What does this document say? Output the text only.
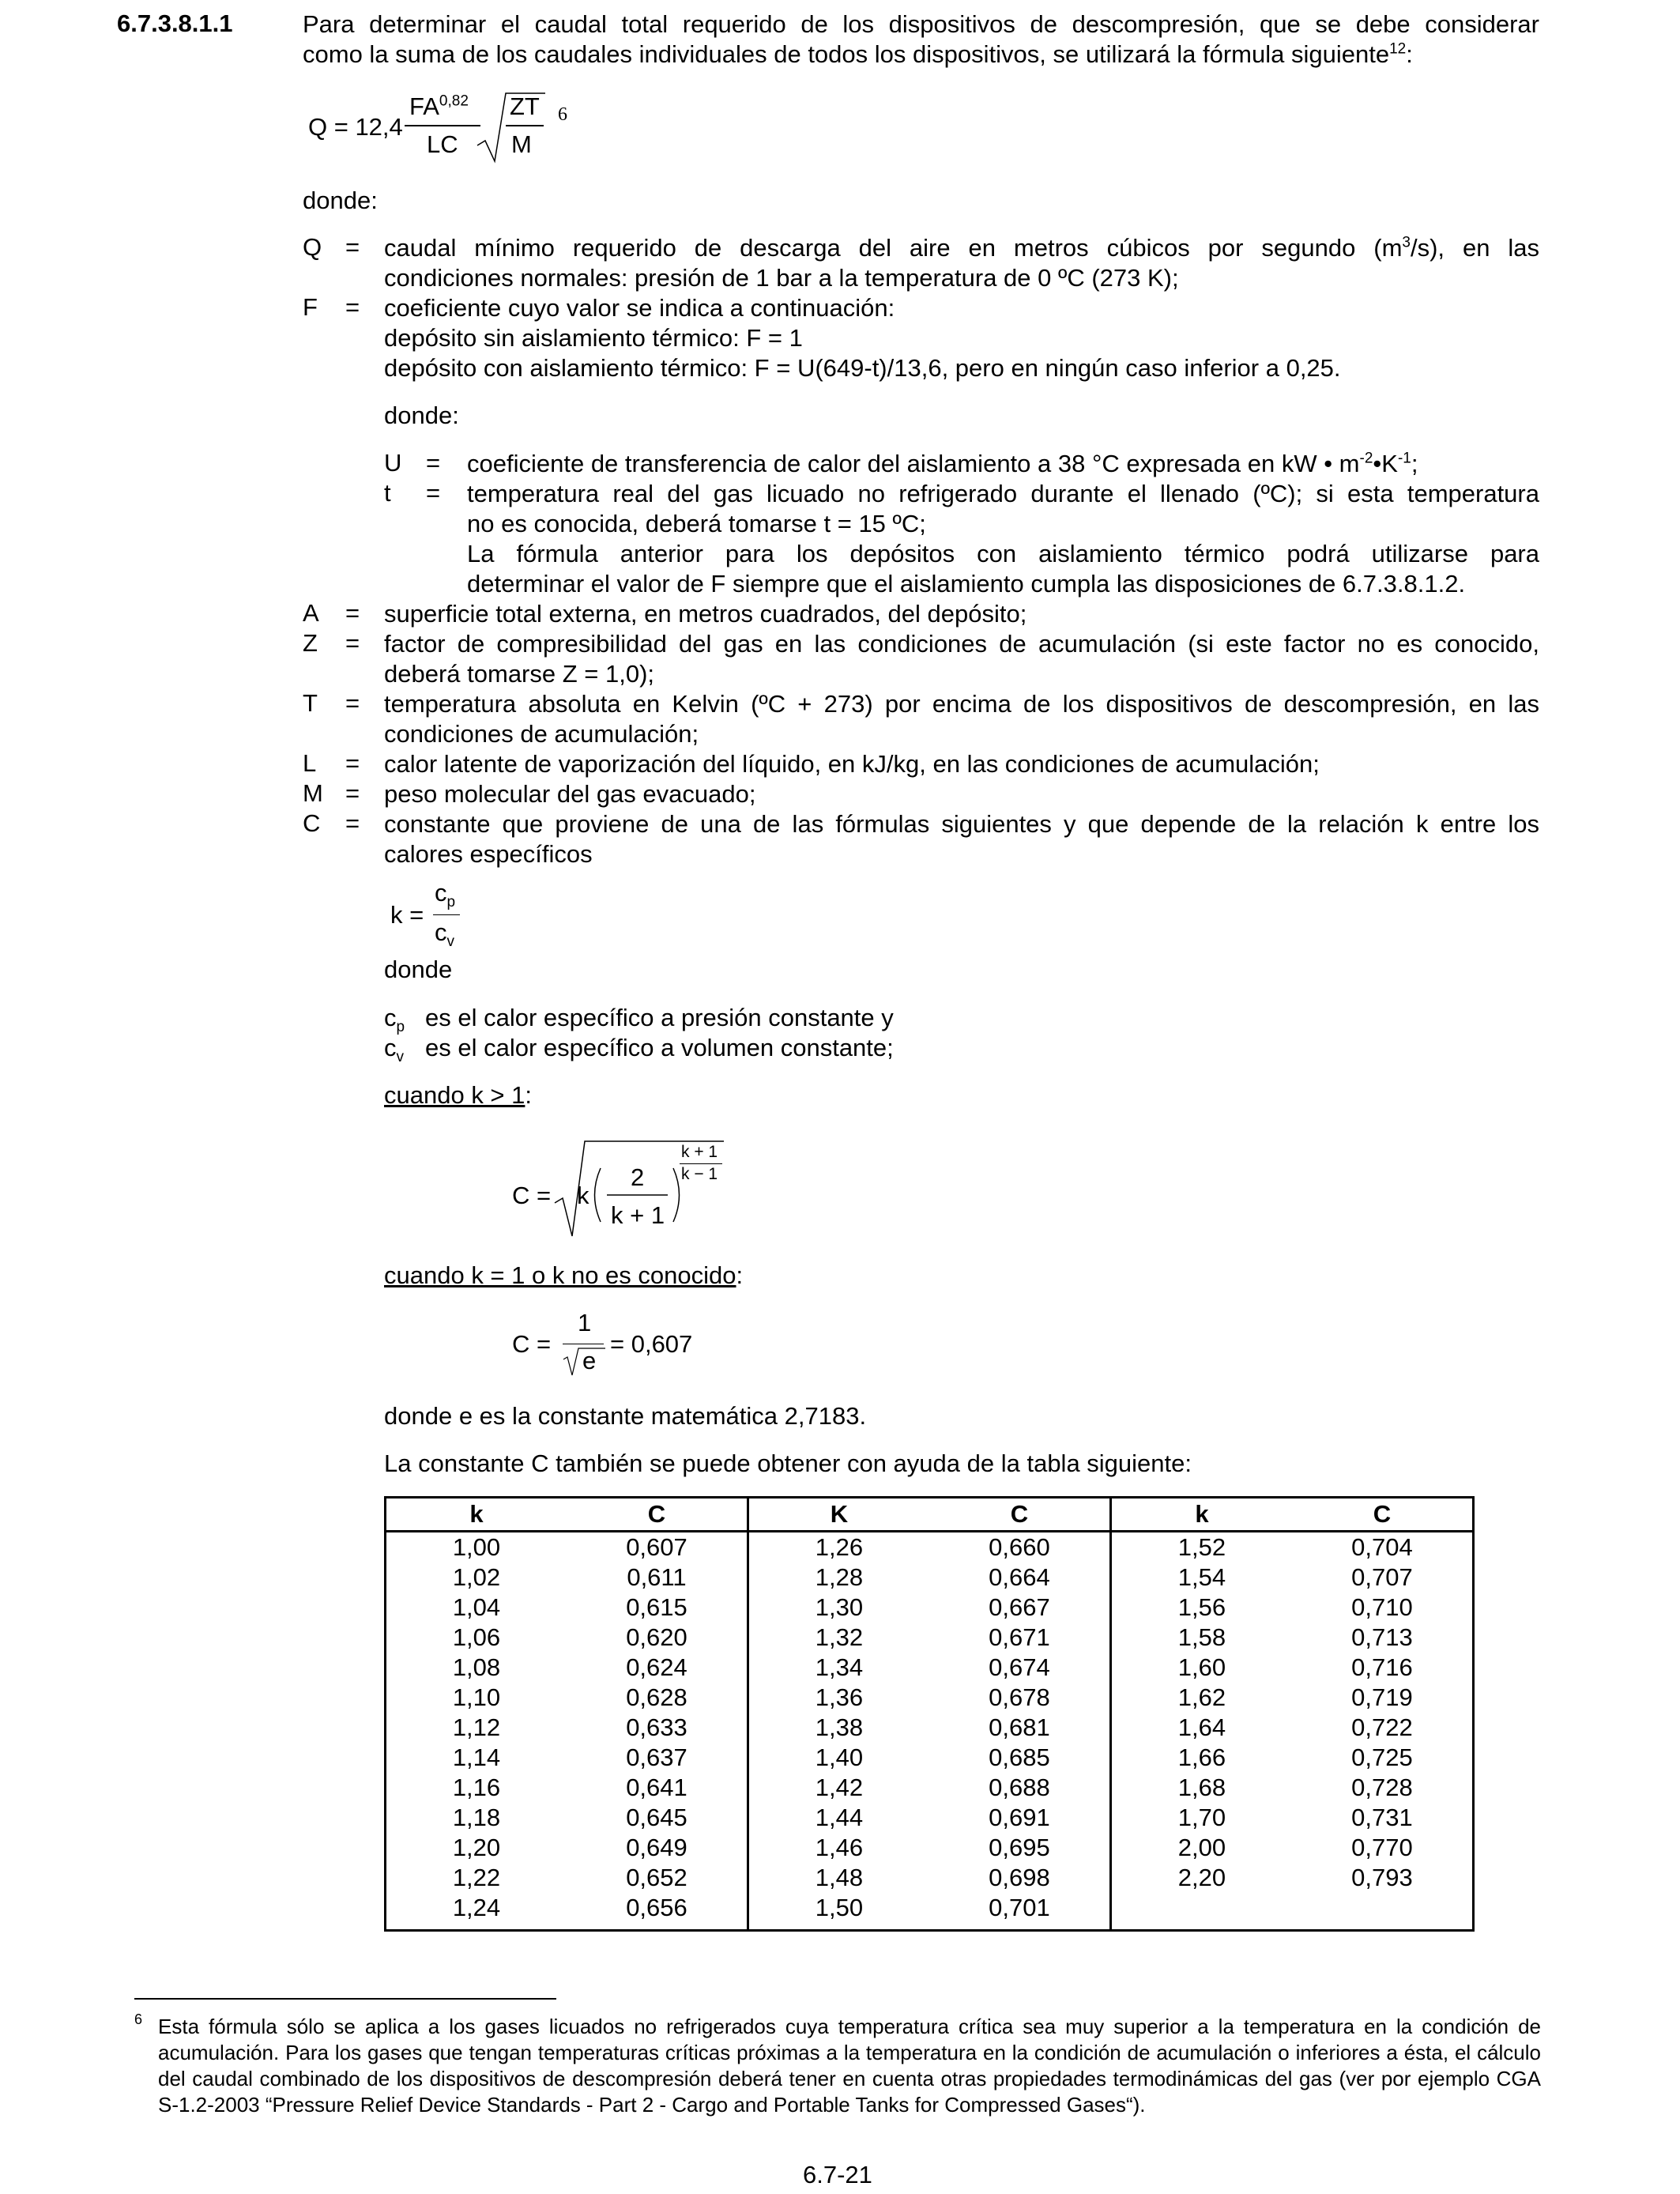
6.7.3.8.1.1	Para determinar el caudal total requerido de los dispositivos de descompresión, que se debe considerar
como la suma de los caudales individuales de todos los dispositivos, se utilizará la fórmula siguiente$^{12}$:
Q = 12,4
FA$^{0,82}$
LC
ZT
M
6
donde:
Q = caudal mínimo requerido de descarga del aire en metros cúbicos por segundo $(m^3/s)$, en las
condiciones normales: presión de 1 bar a la temperatura de 0 ºC (273 K);
F	= coeficiente cuyo valor se indica a continuación:
depósito sin aislamiento térmico: F = 1
depósito con aislamiento térmico: F = U(649-t)/13,6, pero en ningún caso inferior a 0,25.
donde:
U = coeficiente de transferencia de calor del aislamiento a 38 °C expresada en kW • $m^{-2}•K^{-1}$;
t	= temperatura real del gas licuado no refrigerado durante el llenado (ºC); si esta temperatura
no es conocida, deberá tomarse t = 15 ºC;
La fórmula anterior para los depósitos con aislamiento térmico podrá utilizarse para
determinar el valor de F siempre que el aislamiento cumpla las disposiciones de 6.7.3.8.1.2.
A	= superficie total externa, en metros cuadrados, del depósito;
Z	= factor de compresibilidad del gas en las condiciones de acumulación (si este factor no es conocido,
deberá tomarse Z = 1,0);
T	= temperatura absoluta en Kelvin (ºC + 273) por encima de los dispositivos de descompresión, en las
condiciones de acumulación;
L	= calor latente de vaporización del líquido, en kJ/kg, en las condiciones de acumulación;
M = peso molecular del gas evacuado;
C	= constante que proviene de una de las fórmulas siguientes y que depende de la relación k entre los
calores específicos
k =
$c_p$
$c_v$
donde
$c_p$ es el calor específico a presión constante y
$c_v$ es el calor específico a volumen constante;
cuando k > 1:
C = k
2
k + 1
k + 1
k − 1
cuando k = 1 o k no es conocido:
C =
1
e
= 0,607
donde e es la constante matemática 2,7183.
La constante C también se puede obtener con ayuda de la tabla siguiente:
k	C	K	C	k	C
1,00	0,607	1,26	0,660	1,52	0,704
1,02	0,611	1,28	0,664	1,54	0,707
1,04	0,615	1,30	0,667	1,56	0,710
1,06	0,620	1,32	0,671	1,58	0,713
1,08	0,624	1,34	0,674	1,60	0,716
1,10	0,628	1,36	0,678	1,62	0,719
1,12	0,633	1,38	0,681	1,64	0,722
1,14	0,637	1,40	0,685	1,66	0,725
1,16	0,641	1,42	0,688	1,68	0,728
1,18	0,645	1,44	0,691	1,70	0,731
1,20	0,649	1,46	0,695	2,00	0,770
1,22	0,652	1,48	0,698	2,20	0,793
1,24	0,656	1,50	0,701		
6 Esta fórmula sólo se aplica a los gases licuados no refrigerados cuya temperatura crítica sea muy superior a la temperatura en la condición de acumulación. Para los gases que tengan temperaturas críticas próximas a la temperatura en la condición de acumulación o inferiores a ésta, el cálculo del caudal combinado de los dispositivos de descompresión deberá tener en cuenta otras propiedades termodinámicas del gas (ver por ejemplo CGA S-1.2-2003 “Pressure Relief Device Standards - Part 2 - Cargo and Portable Tanks for Compressed Gases“).
6.7-21
